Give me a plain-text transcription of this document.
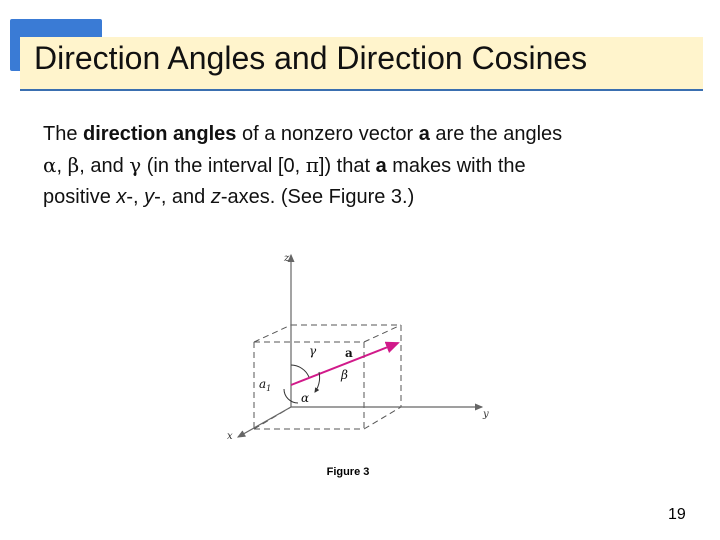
Direction Angles and Direction Cosines
The direction angles of a nonzero vector a are the angles
α, β, and γ (in the interval [0, π]) that a makes with the
positive x-, y-, and z-axes. (See Figure 3.)
z
y
x
a
γ
β
α
$a_1$
Figure 3
19
